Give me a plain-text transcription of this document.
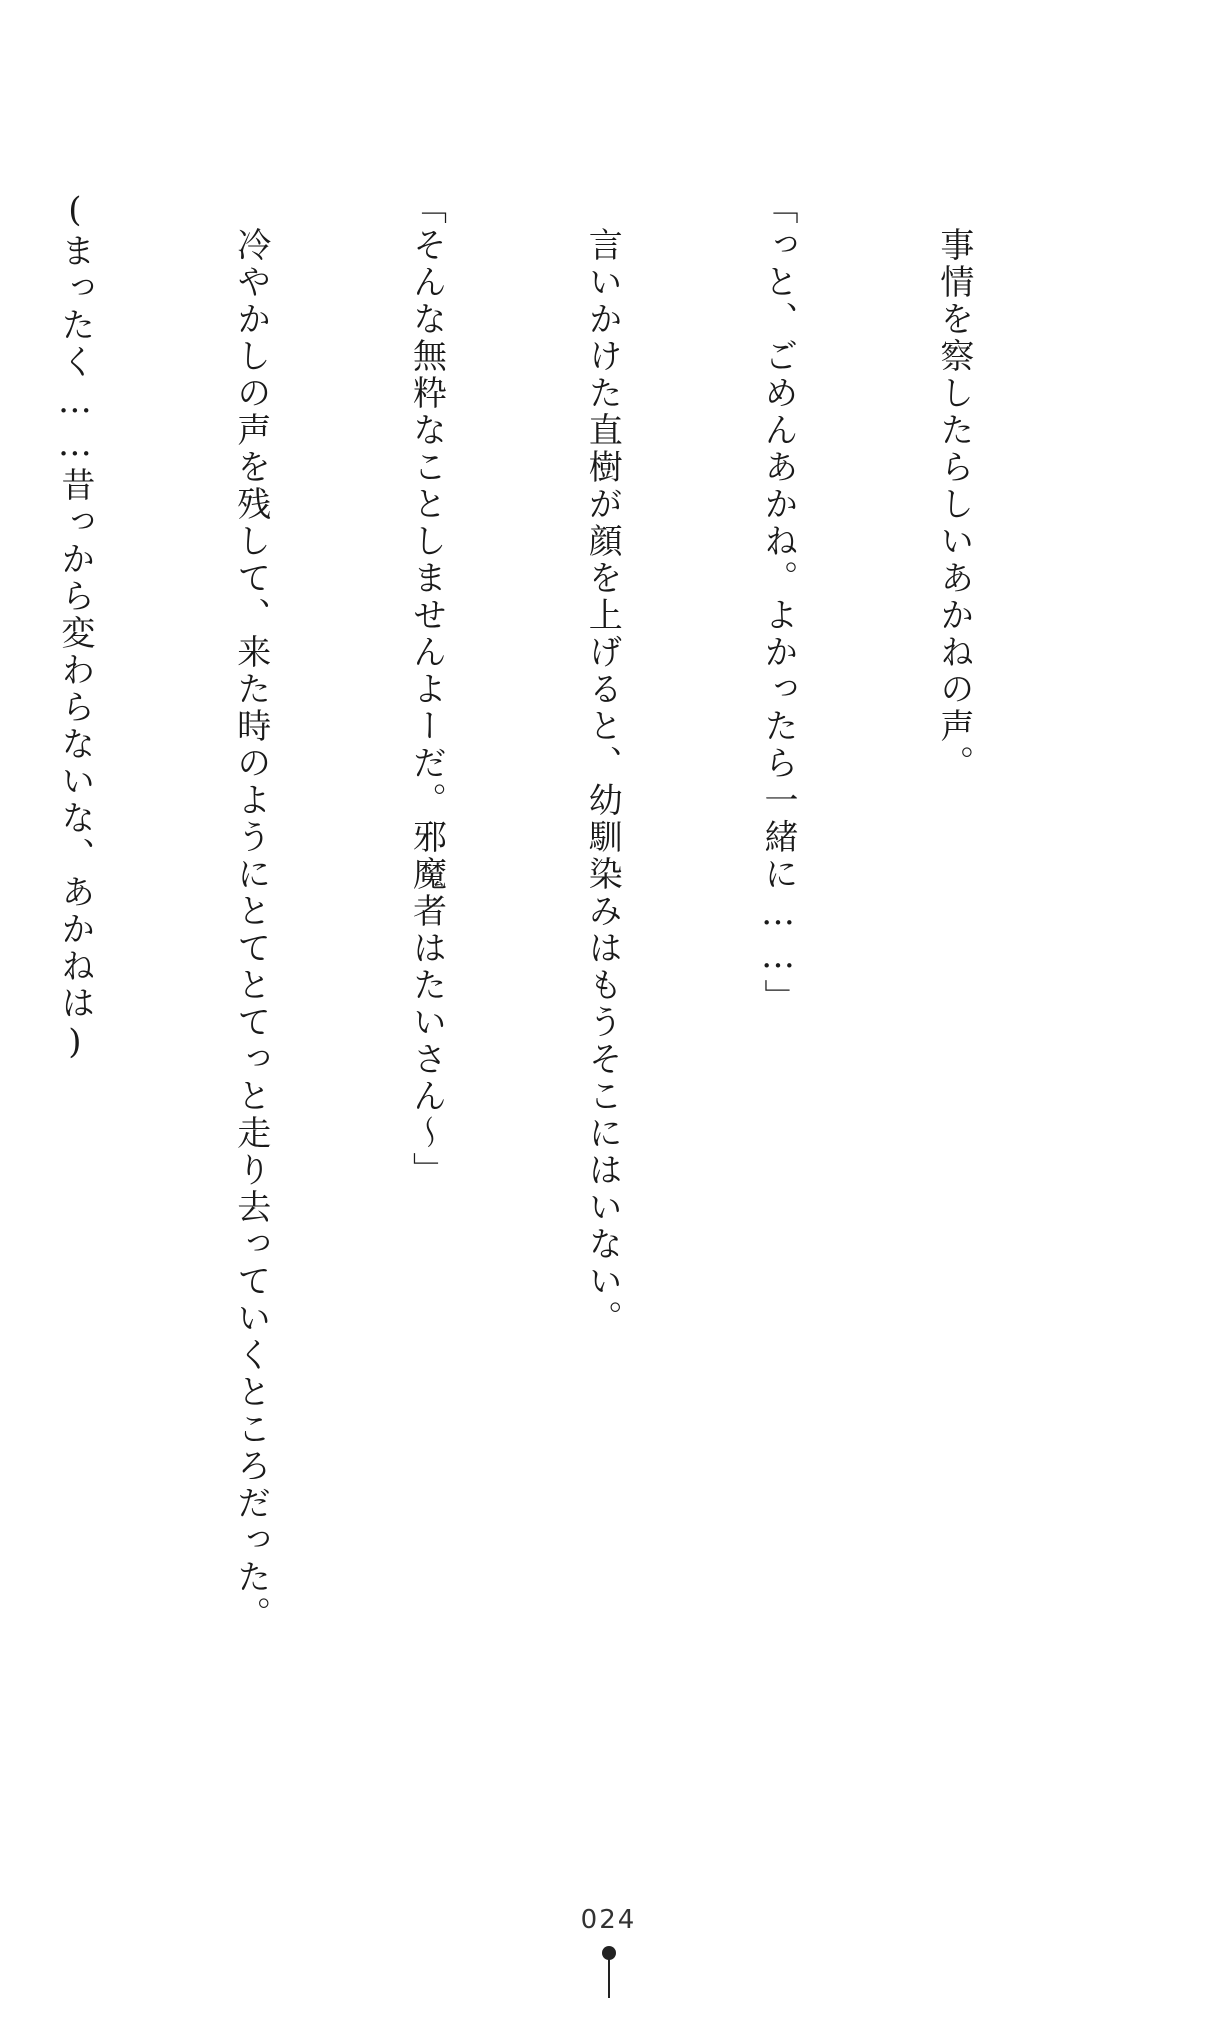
　事情を察したらしいあかねの声。

「っと、ごめんあかね。よかったら一緒に……」

　言いかけた直樹が顔を上げると、幼馴染みはもうそこにはいない。

「そんな無粋なことしませんよーだ。邪魔者はたいさん～」

　冷やかしの声を残して、来た時のようにとてとてっと走り去っていくところだった。

(まったく……昔っから変わらないな、あかねは)

024
